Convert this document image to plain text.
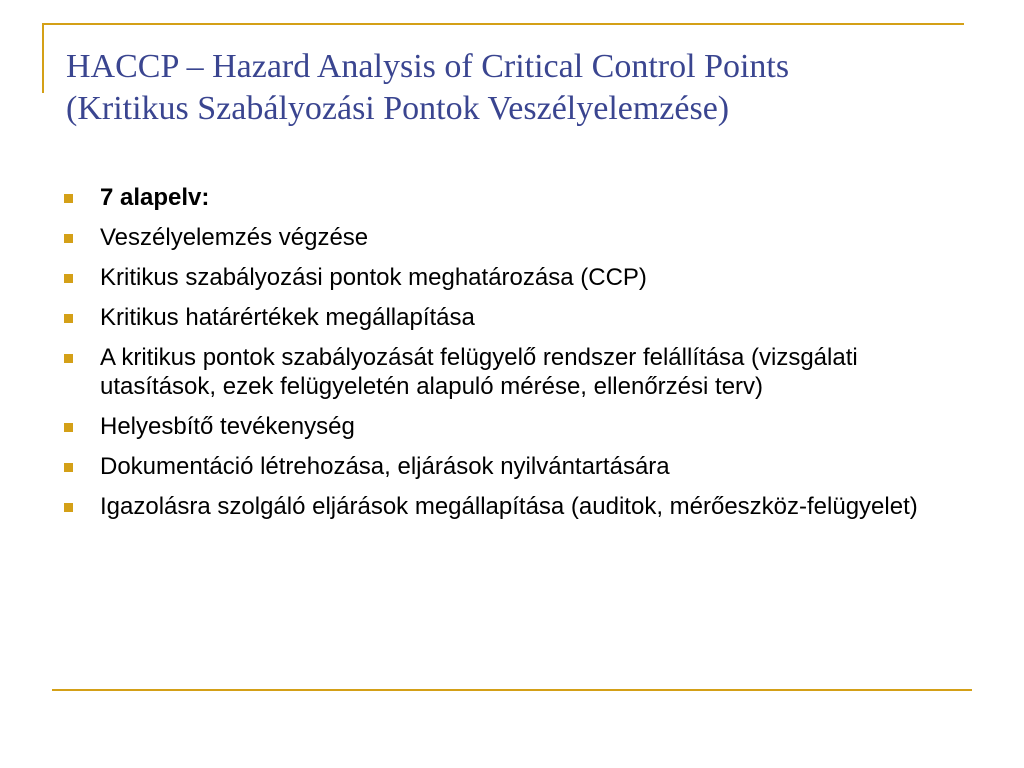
HACCP – Hazard Analysis of Critical Control Points
(Kritikus Szabályozási Pontok Veszélyelemzése)
7 alapelv:
Veszélyelemzés végzése
Kritikus szabályozási pontok meghatározása (CCP)
Kritikus határértékek megállapítása
A kritikus pontok szabályozását felügyelő rendszer felállítása (vizsgálati utasítások, ezek felügyeletén alapuló mérése, ellenőrzési terv)
Helyesbítő tevékenység
Dokumentáció létrehozása, eljárások nyilvántartására
Igazolásra szolgáló eljárások megállapítása (auditok, mérőeszköz-felügyelet)
